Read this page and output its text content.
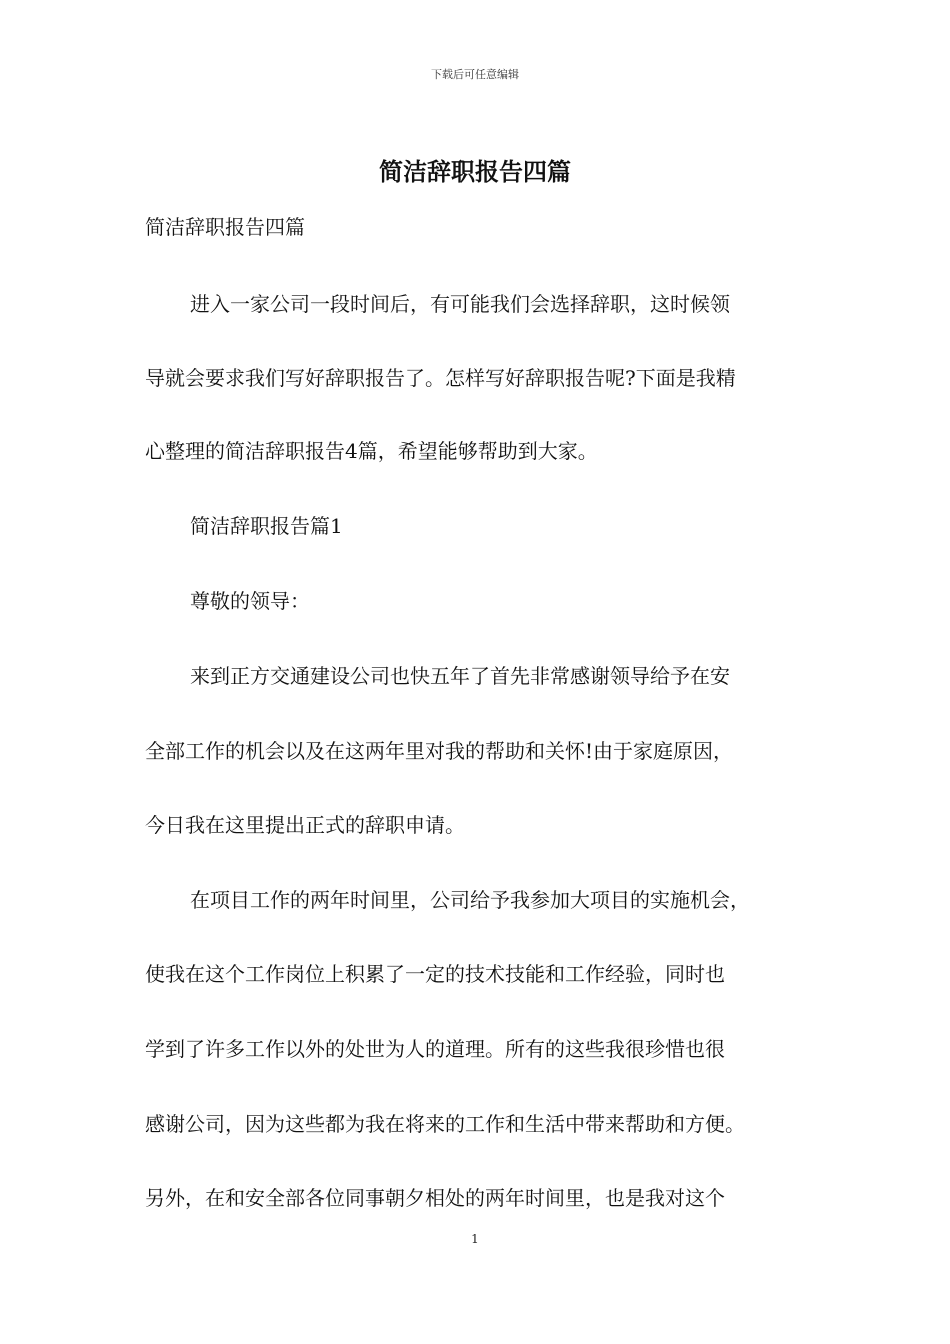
下载后可任意编辑
简洁辞职报告四篇

简洁辞职报告四篇

进入一家公司一段时间后，有可能我们会选择辞职，这时候领

导就会要求我们写好辞职报告了。怎样写好辞职报告呢?下面是我精

心整理的简洁辞职报告4篇，希望能够帮助到大家。

简洁辞职报告篇1

尊敬的领导：

来到正方交通建设公司也快五年了首先非常感谢领导给予在安

全部工作的机会以及在这两年里对我的帮助和关怀!由于家庭原因，

今日我在这里提出正式的辞职申请。

在项目工作的两年时间里，公司给予我参加大项目的实施机会，

使我在这个工作岗位上积累了一定的技术技能和工作经验，同时也

学到了许多工作以外的处世为人的道理。所有的这些我很珍惜也很

感谢公司，因为这些都为我在将来的工作和生活中带来帮助和方便。

另外，在和安全部各位同事朝夕相处的两年时间里，也是我对这个

1
